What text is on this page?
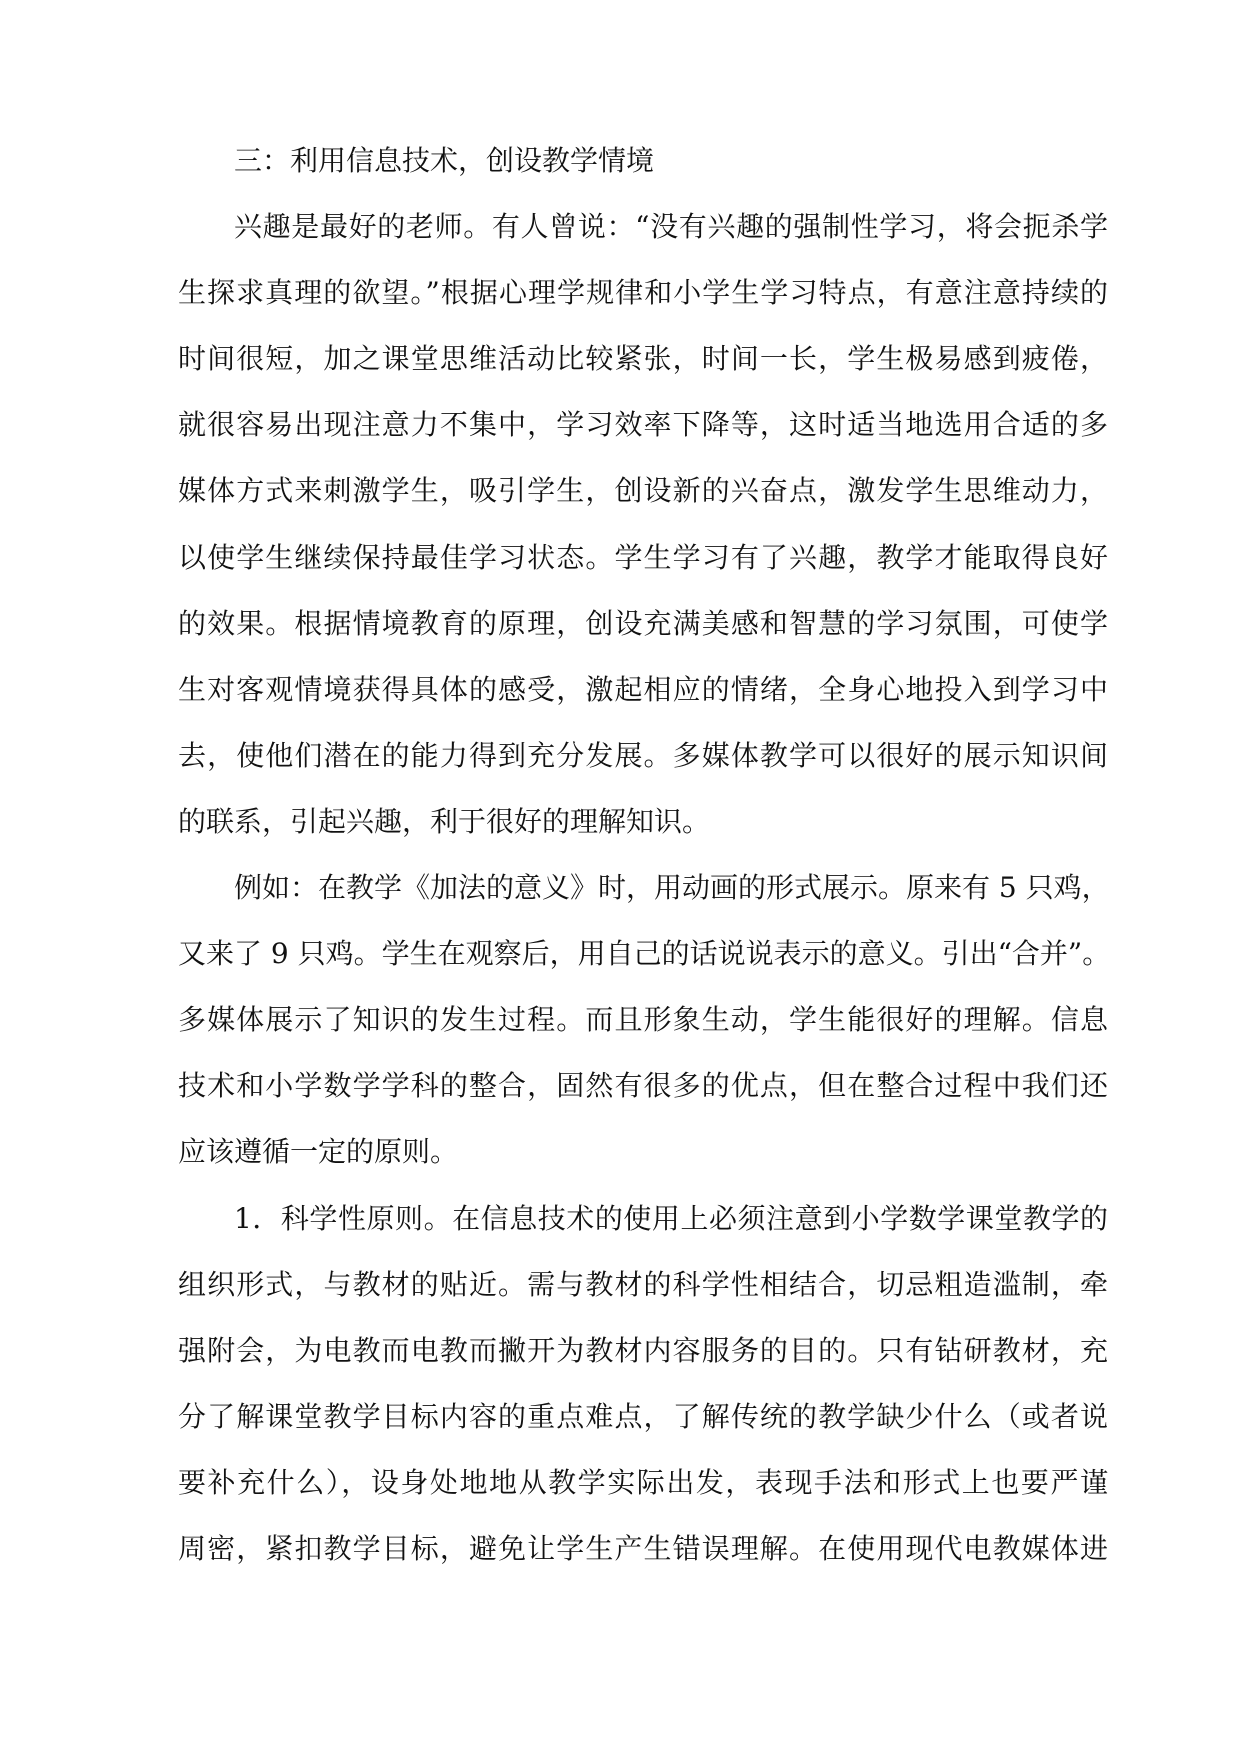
三：利用信息技术，创设教学情境
兴趣是最好的老师。有人曾说：“没有兴趣的强制性学习，将会扼杀学
生探求真理的欲望。”根据心理学规律和小学生学习特点，有意注意持续的
时间很短，加之课堂思维活动比较紧张，时间一长，学生极易感到疲倦，
就很容易出现注意力不集中，学习效率下降等，这时适当地选用合适的多
媒体方式来刺激学生，吸引学生，创设新的兴奋点，激发学生思维动力，
以使学生继续保持最佳学习状态。学生学习有了兴趣，教学才能取得良好
的效果。根据情境教育的原理，创设充满美感和智慧的学习氛围，可使学
生对客观情境获得具体的感受，激起相应的情绪，全身心地投入到学习中
去，使他们潜在的能力得到充分发展。多媒体教学可以很好的展示知识间
的联系，引起兴趣，利于很好的理解知识。
例如：在教学《加法的意义》时，用动画的形式展示。原来有 5 只鸡，
又来了 9 只鸡。学生在观察后，用自己的话说说表示的意义。引出“合并”。
多媒体展示了知识的发生过程。而且形象生动，学生能很好的理解。信息
技术和小学数学学科的整合，固然有很多的优点，但在整合过程中我们还
应该遵循一定的原则。
1．科学性原则。在信息技术的使用上必须注意到小学数学课堂教学的
组织形式，与教材的贴近。需与教材的科学性相结合，切忌粗造滥制，牵
强附会，为电教而电教而撇开为教材内容服务的目的。只有钻研教材，充
分了解课堂教学目标内容的重点难点，了解传统的教学缺少什么（或者说
要补充什么），设身处地地从教学实际出发，表现手法和形式上也要严谨
周密，紧扣教学目标，避免让学生产生错误理解。在使用现代电教媒体进
